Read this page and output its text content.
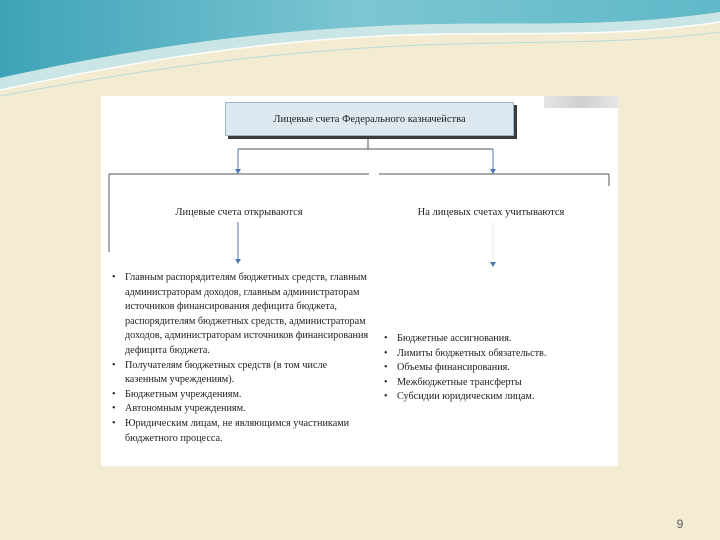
Лицевые счета Федерального казначейства
Лицевые счета открываются	На лицевых счетах учитываются
• Главным распорядителям бюджетных средств, главным администраторам доходов, главным администраторам источников финансирования дефицита бюджета, распорядителям бюджетных средств, администраторам доходов, администраторам источников финансирования дефицита бюджета.
• Получателям бюджетных средств (в том числе казенным учреждениям).
• Бюджетным учреждениям.
• Автономным учреждениям.
• Юридическим лицам, не являющимся участниками бюджетного процесса.
• Бюджетные ассигнования.
• Лимиты бюджетных обязательств.
• Объемы финансирования.
• Межбюджетные трансферты
• Субсидии юридическим лицам.
9
